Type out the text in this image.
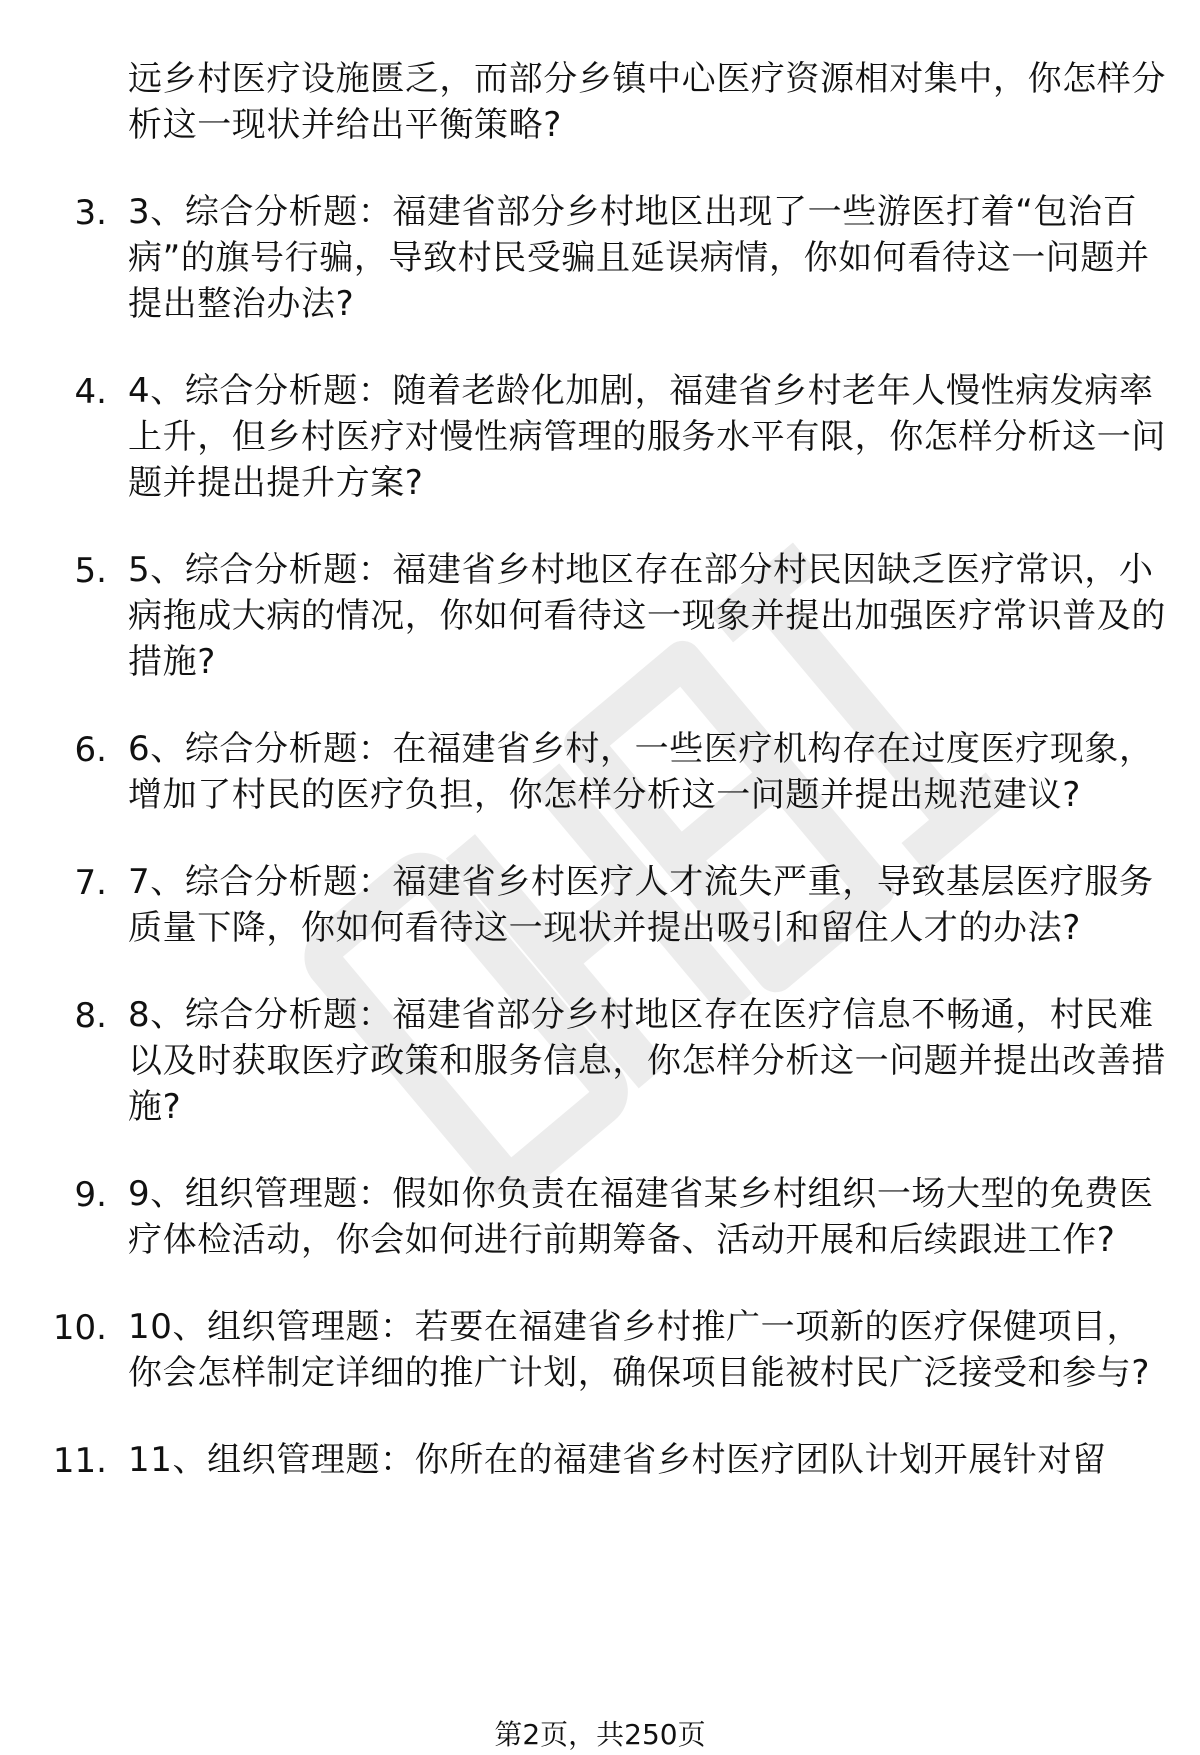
远乡村医疗设施匮乏，而部分乡镇中心医疗资源相对集中，你怎样分析这一现状并给出平衡策略?
3. 3、综合分析题：福建省部分乡村地区出现了一些游医打着“包治百病”的旗号行骗，导致村民受骗且延误病情，你如何看待这一问题并提出整治办法?
4. 4、综合分析题：随着老龄化加剧，福建省乡村老年人慢性病发病率上升，但乡村医疗对慢性病管理的服务水平有限，你怎样分析这一问题并提出提升方案?
5. 5、综合分析题：福建省乡村地区存在部分村民因缺乏医疗常识，小病拖成大病的情况，你如何看待这一现象并提出加强医疗常识普及的措施?
6. 6、综合分析题：在福建省乡村，一些医疗机构存在过度医疗现象，增加了村民的医疗负担，你怎样分析这一问题并提出规范建议?
7. 7、综合分析题：福建省乡村医疗人才流失严重，导致基层医疗服务质量下降，你如何看待这一现状并提出吸引和留住人才的办法?
8. 8、综合分析题：福建省部分乡村地区存在医疗信息不畅通，村民难以及时获取医疗政策和服务信息，你怎样分析这一问题并提出改善措施?
9. 9、组织管理题：假如你负责在福建省某乡村组织一场大型的免费医疗体检活动，你会如何进行前期筹备、活动开展和后续跟进工作?
10. 10、组织管理题：若要在福建省乡村推广一项新的医疗保健项目，你会怎样制定详细的推广计划，确保项目能被村民广泛接受和参与?
11. 11、组织管理题：你所在的福建省乡村医疗团队计划开展针对留
第2页，共250页
